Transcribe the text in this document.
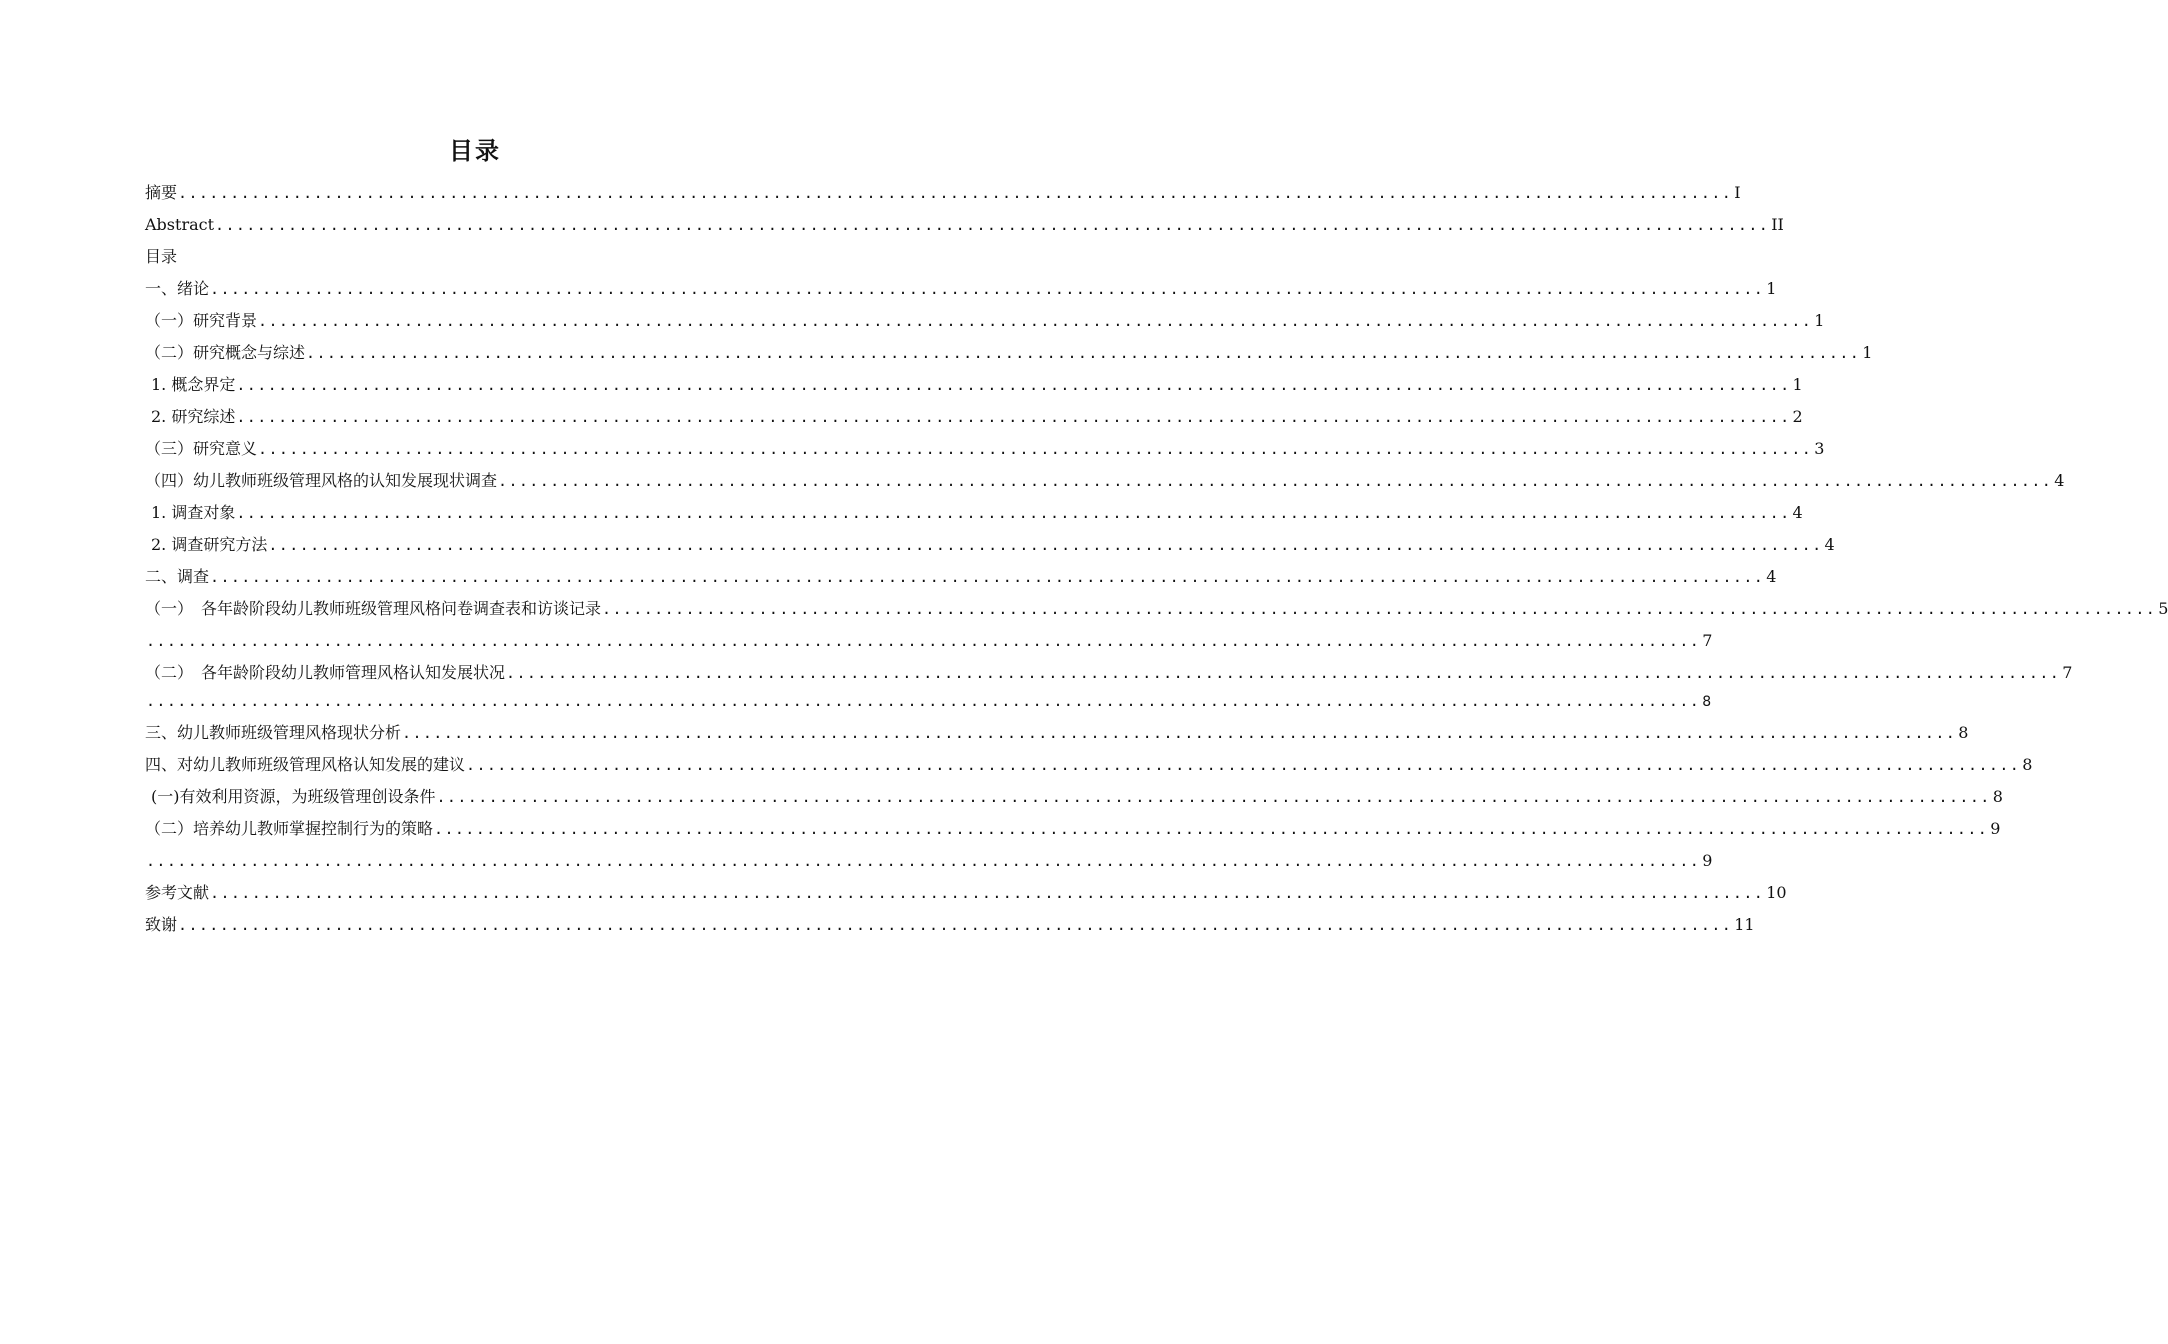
目录
摘要 ..................................................................................................................................................... I
Abstract ..................................................................................................................................................... II
目录
一、绪论 ..................................................................................................................................................... 1
（一）研究背景 ..................................................................................................................................................... 1
（二）研究概念与综述 ..................................................................................................................................................... 1
1. 概念界定 ..................................................................................................................................................... 1
2. 研究综述 ..................................................................................................................................................... 2
（三）研究意义 ..................................................................................................................................................... 3
（四）幼儿教师班级管理风格的认知发展现状调查 ..................................................................................................................................................... 4
1. 调查对象 ..................................................................................................................................................... 4
2. 调查研究方法 ..................................................................................................................................................... 4
二、调查 ..................................................................................................................................................... 4
（一）　各年龄阶段幼儿教师班级管理风格问卷调查表和访谈记录 ..................................................................................................................................................... 5
..................................................................................................................................................... 7
（二）　各年龄阶段幼儿教师管理风格认知发展状况 ..................................................................................................................................................... 7
..................................................................................................................................................... 8
三、幼儿教师班级管理风格现状分析 ..................................................................................................................................................... 8
四、对幼儿教师班级管理风格认知发展的建议 ..................................................................................................................................................... 8
(一)有效利用资源，为班级管理创设条件 ..................................................................................................................................................... 8
（二）培养幼儿教师掌握控制行为的策略 ..................................................................................................................................................... 9
..................................................................................................................................................... 9
参考文献 ..................................................................................................................................................... 10
致谢 ..................................................................................................................................................... 11
